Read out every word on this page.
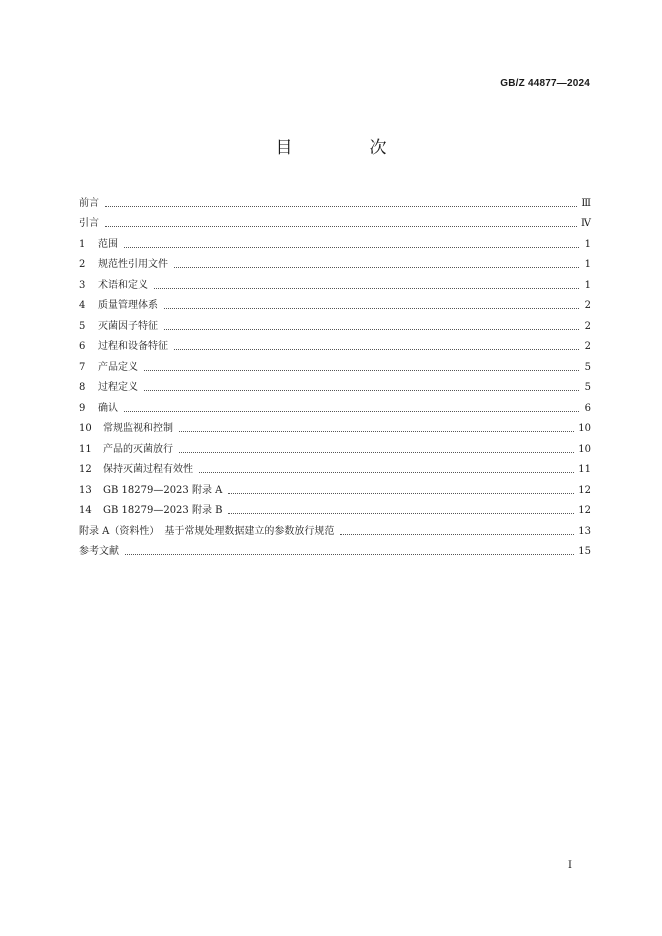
GB/Z 44877—2024
目　次
前言	Ⅲ
引言	Ⅳ
1	范围	1
2	规范性引用文件	1
3	术语和定义	1
4	质量管理体系	2
5	灭菌因子特征	2
6	过程和设备特征	2
7	产品定义	5
8	过程定义	5
9	确认	6
10	常规监视和控制	10
11	产品的灭菌放行	10
12	保持灭菌过程有效性	11
13	GB 18279—2023 附录 A	12
14	GB 18279—2023 附录 B	12
附录 A（资料性）　基于常规处理数据建立的参数放行规范	13
参考文献	15
I
